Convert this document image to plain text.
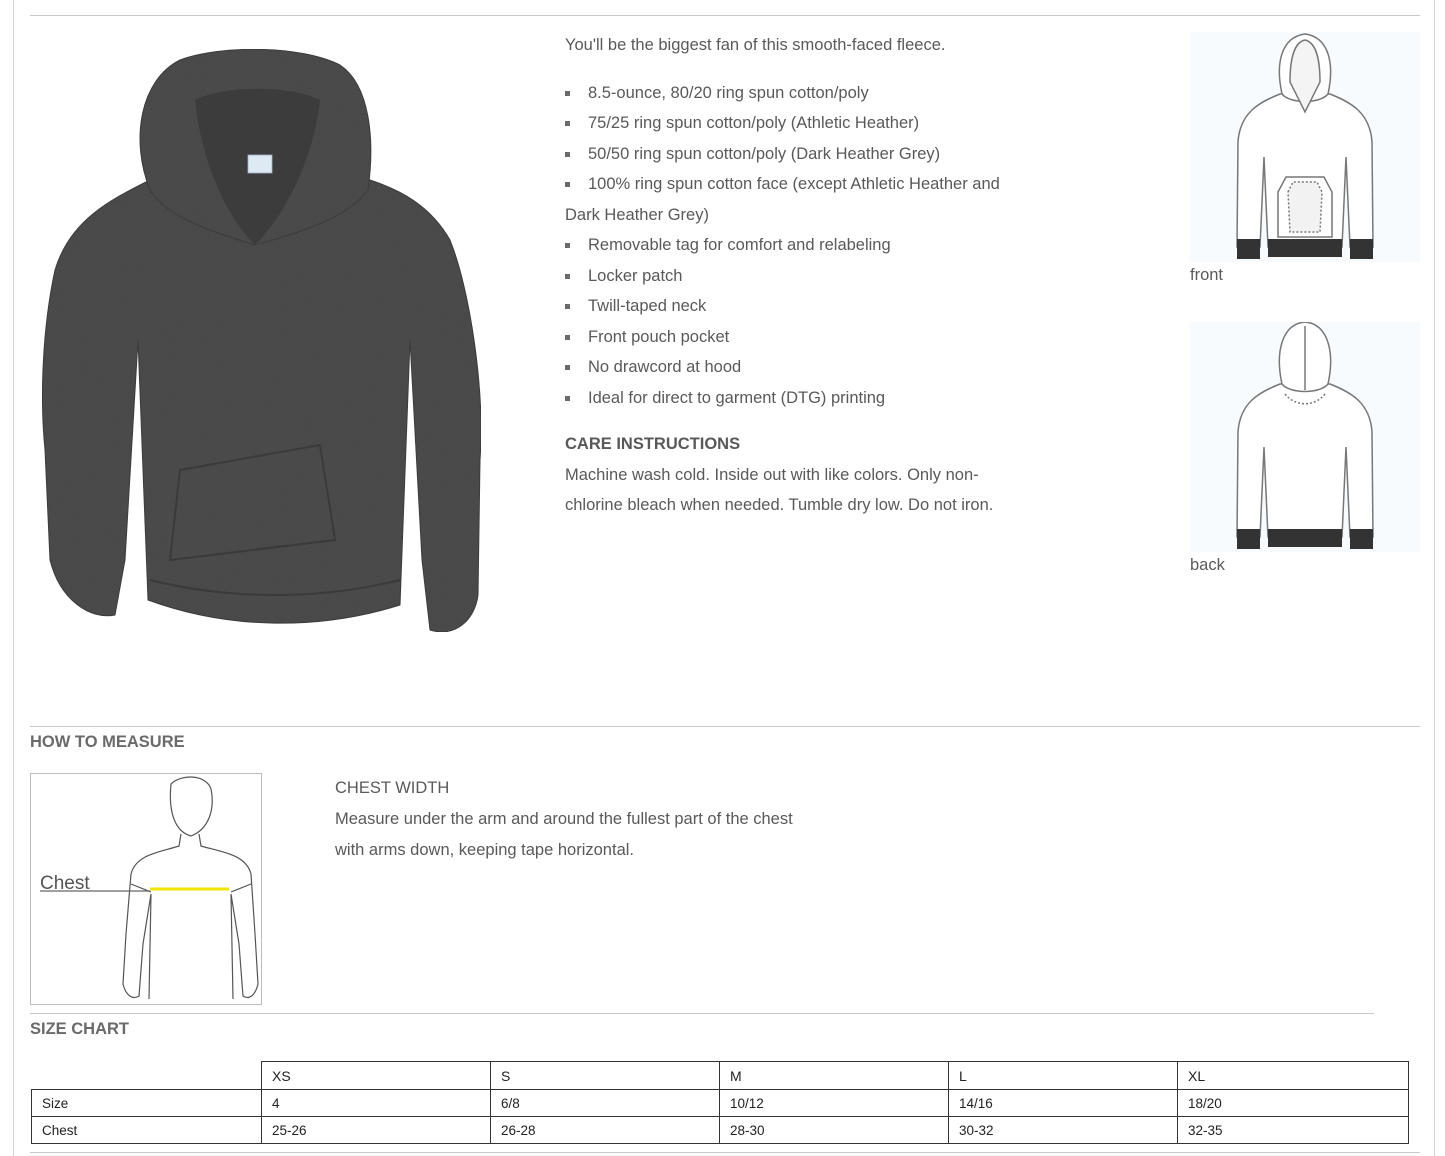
You'll be the biggest fan of this smooth-faced fleece.

8.5-ounce, 80/20 ring spun cotton/poly
75/25 ring spun cotton/poly (Athletic Heather)
50/50 ring spun cotton/poly (Dark Heather Grey)
100% ring spun cotton face (except Athletic Heather and Dark Heather Grey)
Removable tag for comfort and relabeling
Locker patch
Twill-taped neck
Front pouch pocket
No drawcord at hood
Ideal for direct to garment (DTG) printing
CARE INSTRUCTIONS

Machine wash cold. Inside out with like colors. Only non-chlorine bleach when needed. Tumble dry low. Do not iron.

front
back
HOW TO MEASURE
Chest

CHEST WIDTH

Measure under the arm and around the fullest part of the chest

with arms down, keeping tape horizontal.

SIZE CHART
	XS	S	M	L	XL
Size	4	6/8	10/12	14/16	18/20
Chest	25-26	26-28	28-30	30-32	32-35
